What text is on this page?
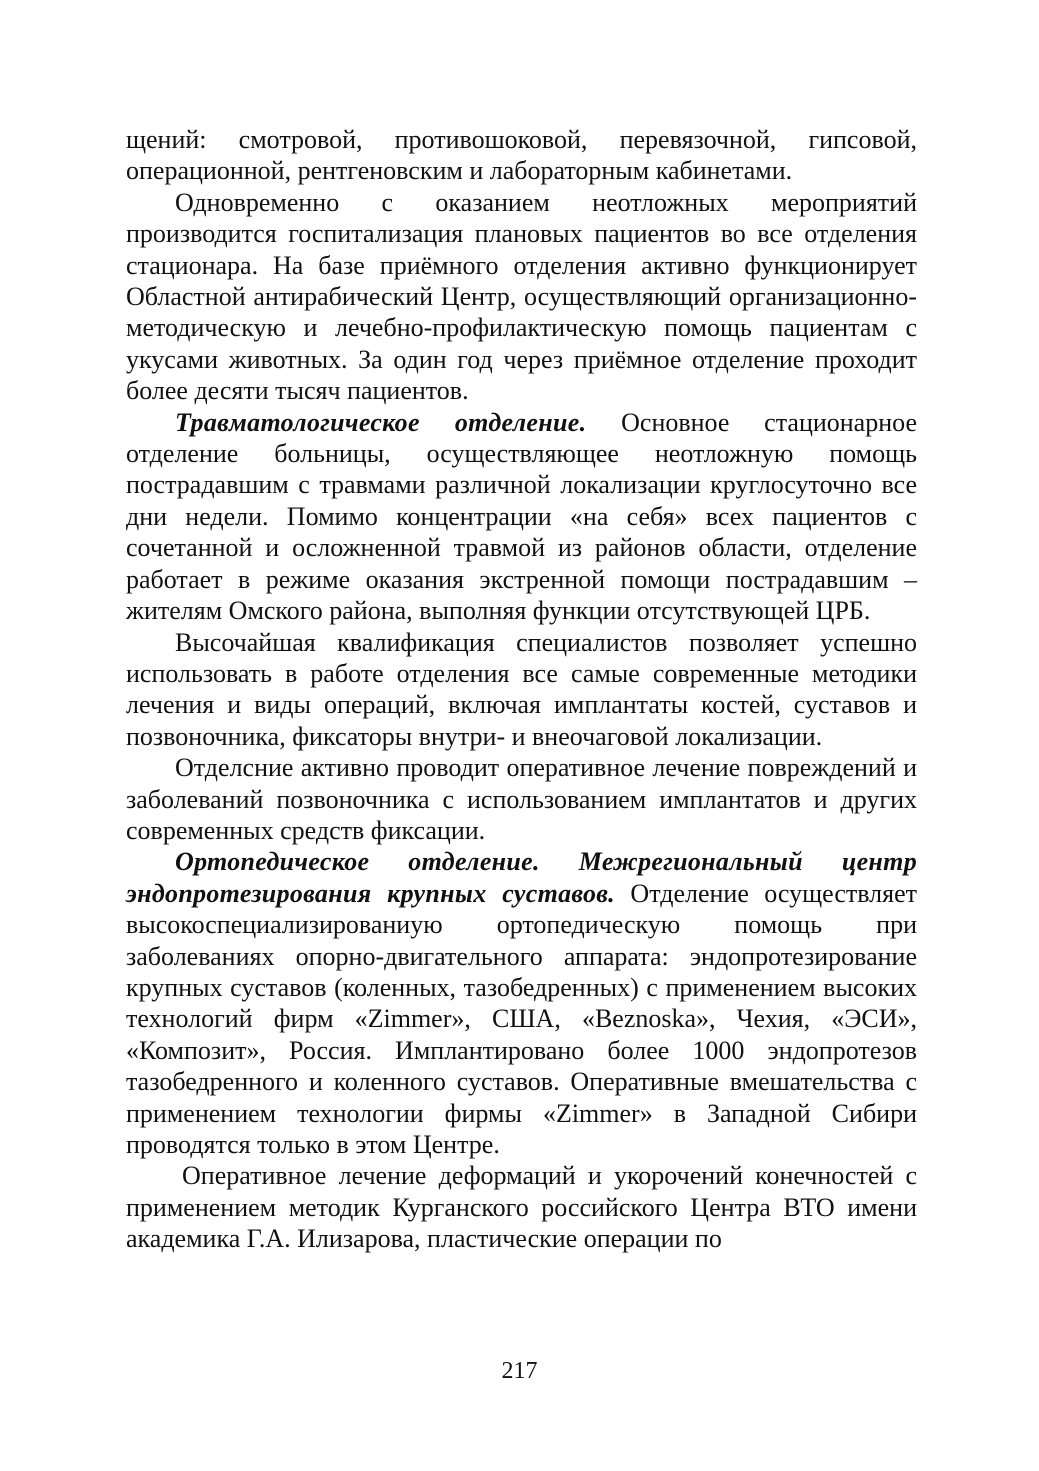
щений: смотровой, противошоковой, перевязочной, гипсовой, операционной, рентгеновским и лабораторным кабинетами.

Одновременно с оказанием неотложных мероприятий производится госпитализация плановых пациентов во все отделения стационара. На базе приёмного отделения активно функционирует Областной антирабический Центр, осуществляющий организационно-методическую и лечебно-профилактическую помощь пациентам с укусами животных. За один год через приёмное отделение проходит более десяти тысяч пациентов.

Травматологическое отделение. Основное стационарное отделение больницы, осуществляющее неотложную помощь пострадавшим с травмами различной локализации круглосуточно все дни недели. Помимо концентрации «на себя» всех пациентов с сочетанной и осложненной травмой из районов области, отделение работает в режиме оказания экстренной помощи пострадавшим – жителям Омского района, выполняя функции отсутствующей ЦРБ.

Высочайшая квалификация специалистов позволяет успешно использовать в работе отделения все самые современные методики лечения и виды операций, включая имплантаты костей, суставов и позвоночника, фиксаторы внутри- и внеочаговой локализации.

Отделсние активно проводит оперативное лечение повреждений и заболеваний позвоночника с использованием имплантатов и других современных средств фиксации.

Ортопедическое отделение. Межрегиональный центр эндопротезирования крупных суставов. Отделение осуществляет высокоспециализированиую ортопедическую помощь при заболеваниях опорно-двигательного аппарата: эндопротезирование крупных суставов (коленных, тазобедренных) с применением высоких технологий фирм «Zimmer», США, «Beznoska», Чехия, «ЭСИ», «Композит», Россия. Имплантировано более 1000 эндопротезов тазобедренного и коленного суставов. Оперативные вмешательства с применением технологии фирмы «Zimmer» в Западной Сибири проводятся только в этом Центре.

Оперативное лечение деформаций и укорочений конечностей с применением методик Курганского российского Центра ВТО имени академика Г.А. Илизарова, пластические операции по

217
